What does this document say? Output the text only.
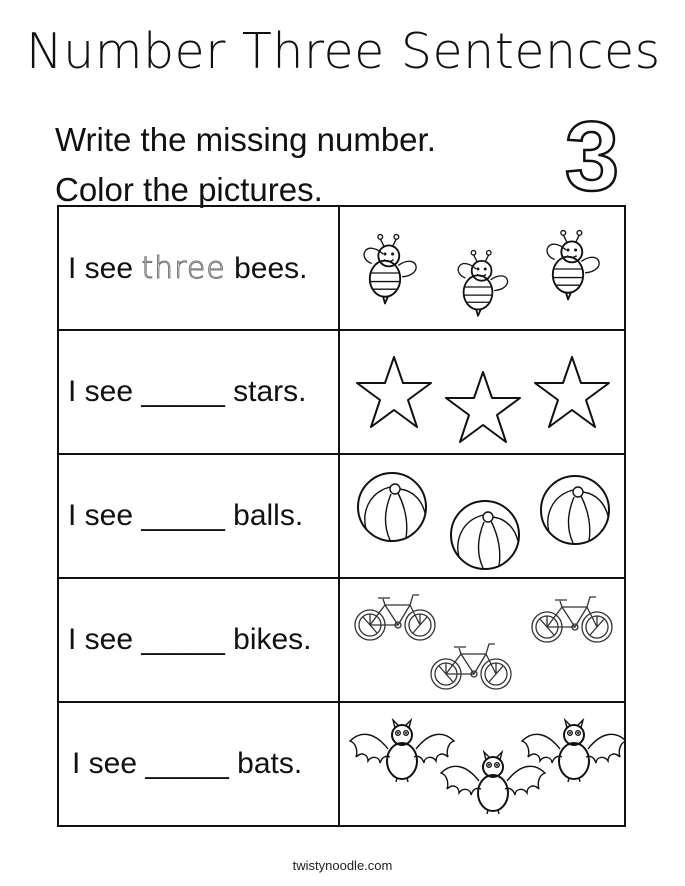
Number Three Sentences
Write the missing number.
Color the pictures. 3
I see three bees.	

I see _____ stars.	

I see _____ balls.	

I see _____ bikes.	

I see _____ bats.	
twistynoodle.com
